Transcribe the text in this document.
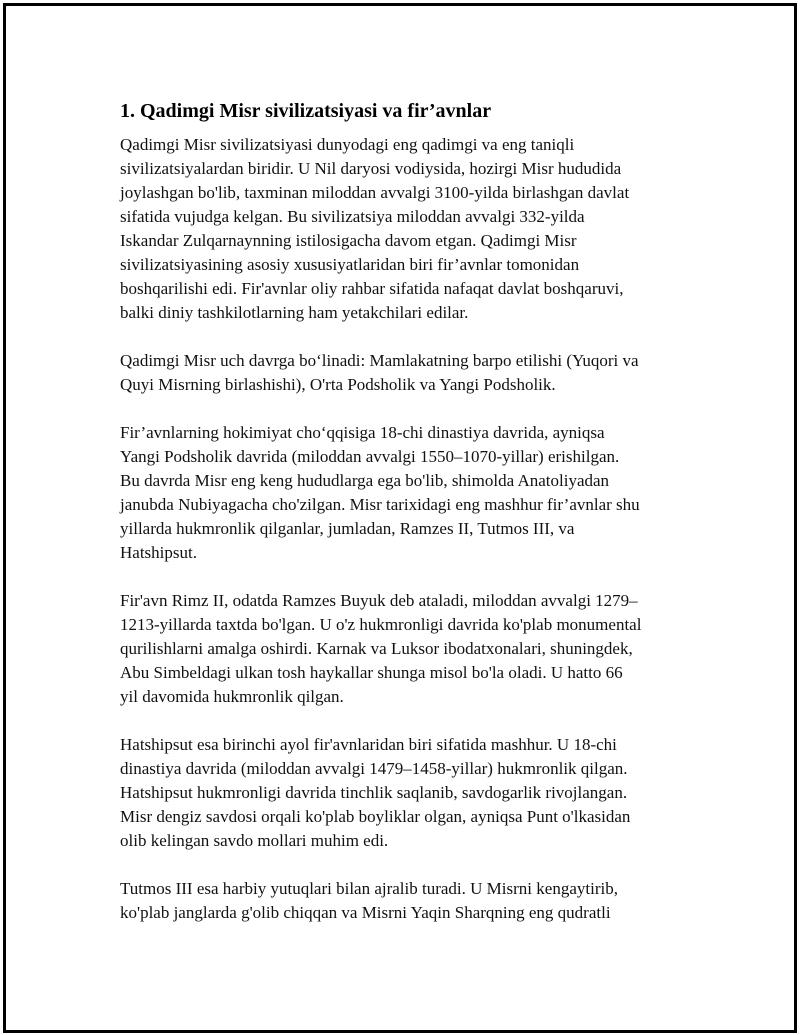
1. Qadimgi Misr sivilizatsiyasi va fir’avnlar

Qadimgi Misr sivilizatsiyasi dunyodagi eng qadimgi va eng taniqli
sivilizatsiyalardan biridir. U Nil daryosi vodiysida, hozirgi Misr hududida
joylashgan bo'lib, taxminan miloddan avvalgi 3100-yilda birlashgan davlat
sifatida vujudga kelgan. Bu sivilizatsiya miloddan avvalgi 332-yilda
Iskandar Zulqarnaynning istilosigacha davom etgan. Qadimgi Misr
sivilizatsiyasining asosiy xususiyatlaridan biri fir’avnlar tomonidan
boshqarilishi edi. Fir'avnlar oliy rahbar sifatida nafaqat davlat boshqaruvi,
balki diniy tashkilotlarning ham yetakchilari edilar.

Qadimgi Misr uch davrga bo‘linadi: Mamlakatning barpo etilishi (Yuqori va
Quyi Misrning birlashishi), O'rta Podsholik va Yangi Podsholik.

Fir’avnlarning hokimiyat cho‘qqisiga 18-chi dinastiya davrida, ayniqsa
Yangi Podsholik davrida (miloddan avvalgi 1550–1070-yillar) erishilgan.
Bu davrda Misr eng keng hududlarga ega bo'lib, shimolda Anatoliyadan
janubda Nubiyagacha cho'zilgan. Misr tarixidagi eng mashhur fir’avnlar shu
yillarda hukmronlik qilganlar, jumladan, Ramzes II, Tutmos III, va
Hatshipsut.

Fir'avn Rimz II, odatda Ramzes Buyuk deb ataladi, miloddan avvalgi 1279–
1213-yillarda taxtda bo'lgan. U o'z hukmronligi davrida ko'plab monumental
qurilishlarni amalga oshirdi. Karnak va Luksor ibodatxonalari, shuningdek,
Abu Simbeldagi ulkan tosh haykallar shunga misol bo'la oladi. U hatto 66
yil davomida hukmronlik qilgan.

Hatshipsut esa birinchi ayol fir'avnlaridan biri sifatida mashhur. U 18-chi
dinastiya davrida (miloddan avvalgi 1479–1458-yillar) hukmronlik qilgan.
Hatshipsut hukmronligi davrida tinchlik saqlanib, savdogarlik rivojlangan.
Misr dengiz savdosi orqali ko'plab boyliklar olgan, ayniqsa Punt o'lkasidan
olib kelingan savdo mollari muhim edi.

Tutmos III esa harbiy yutuqlari bilan ajralib turadi. U Misrni kengaytirib,
ko'plab janglarda g'olib chiqqan va Misrni Yaqin Sharqning eng qudratli
